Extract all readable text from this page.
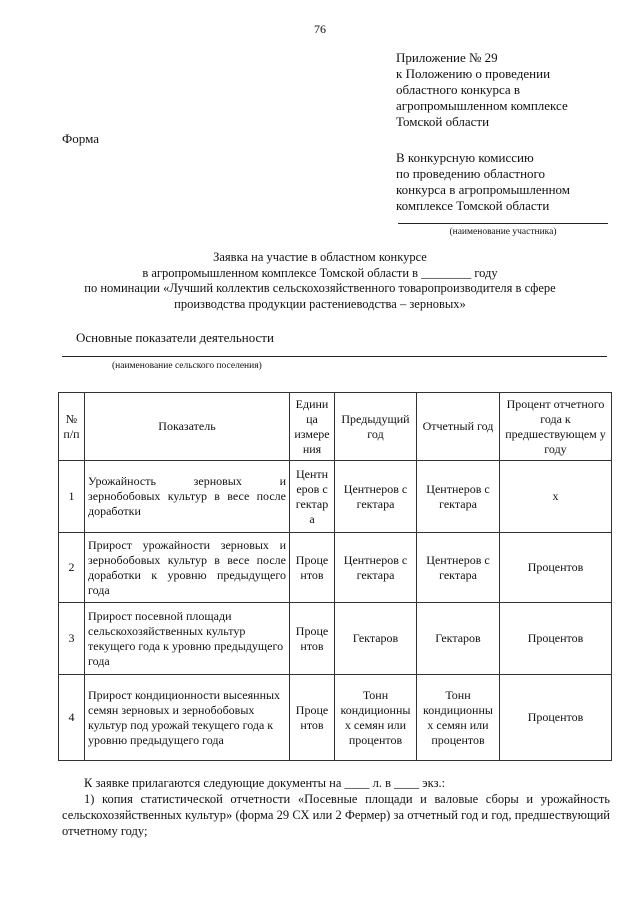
76
Приложение № 29
к Положению о проведении
областного конкурса в
агропромышленном комплексе
Томской области
Форма
В конкурсную комиссию
по проведению областного
конкурса в агропромышленном
комплексе Томской области
(наименование участника)
Заявка на участие в областном конкурсе
в агропромышленном комплексе Томской области в ________ году
по номинации «Лучший коллектив сельскохозяйственного товаропроизводителя в сфере
производства продукции растениеводства – зерновых»
Основные показатели деятельности
(наименование сельского поселения)
№ п/п	Показатель	Едини ца измере ния	Предыдущий год	Отчетный год	Процент отчетного года к предшествующем у году
1	Урожайность зерновых и зернобобовых культур в весе после доработки	Центн еров с гектар а	Центнеров с гектара	Центнеров с гектара	х
2	Прирост урожайности зерновых и зернобобовых культур в весе после доработки к уровню предыдущего года	Проце нтов	Центнеров с гектара	Центнеров с гектара	Процентов
3	Прирост посевной площади сельскохозяйственных культур текущего года к уровню предыдущего года	Проце нтов	Гектаров	Гектаров	Процентов
4	Прирост кондиционности высеянных семян зерновых и зернобобовых культур под урожай текущего года к уровню предыдущего года	Проце нтов	Тонн кондиционны х семян или процентов	Тонн кондиционны х семян или процентов	Процентов

К заявке прилагаются следующие документы на ____ л. в ____ экз.:

1) копия статистической отчетности «Посевные площади и валовые сборы и урожайность сельскохозяйственных культур» (форма 29 СХ или 2 Фермер) за отчетный год и год, предшествующий отчетному году;
